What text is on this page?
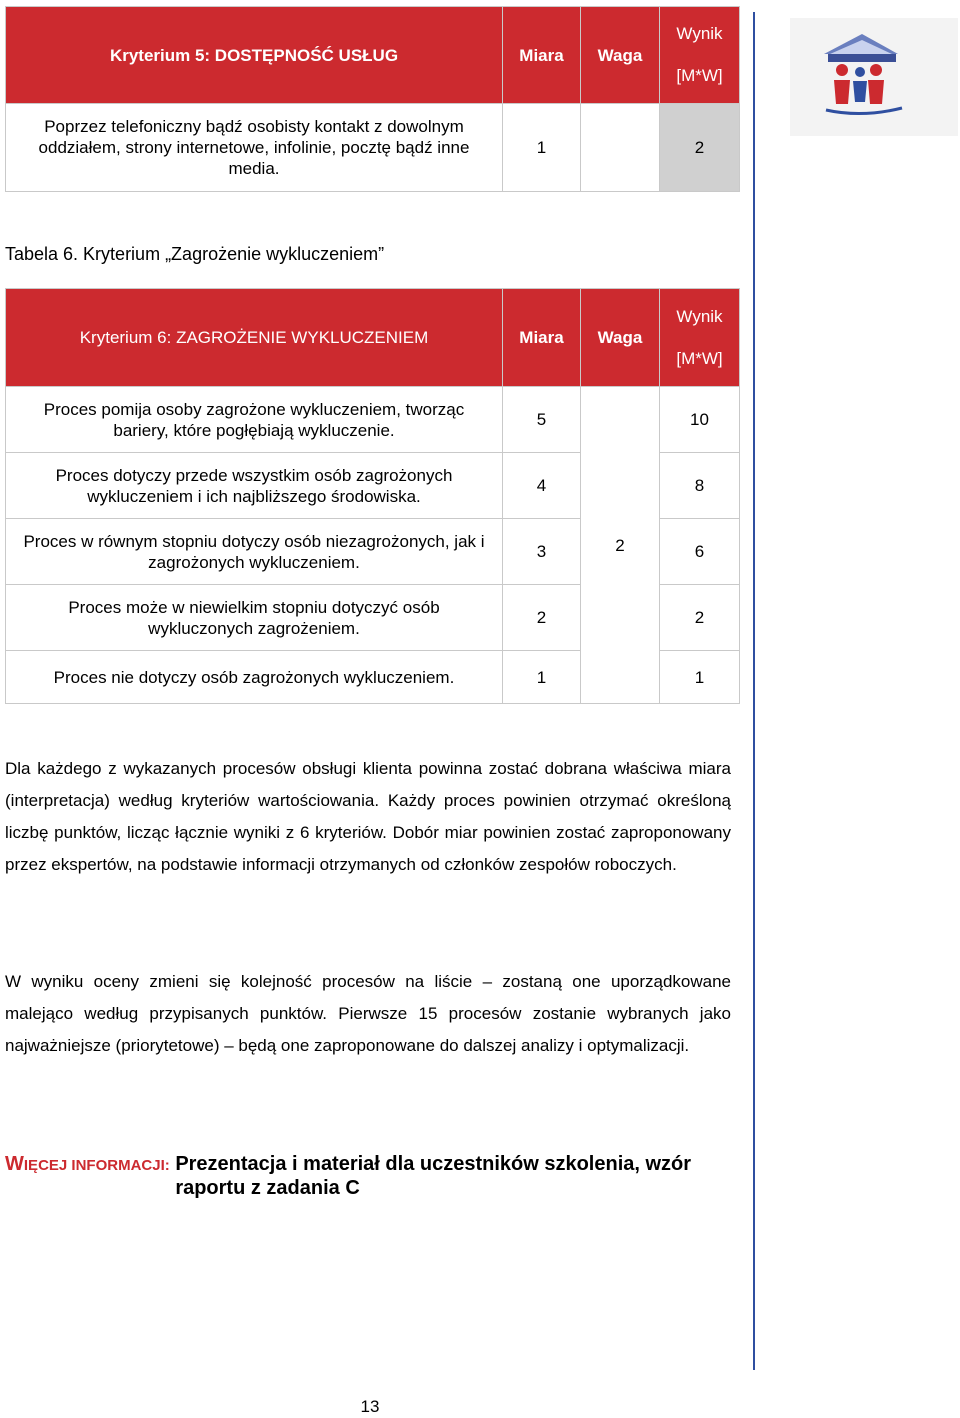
Kryterium 5: DOSTĘPNOŚĆ USŁUG	Miara	Waga	Wynik
[M*W]
Poprzez telefoniczny bądź osobisty kontakt z dowolnym oddziałem, strony internetowe, infolinie, pocztę bądź inne media.	1		2
Tabela 6. Kryterium „Zagrożenie wykluczeniem”
Kryterium 6: ZAGROŻENIE WYKLUCZENIEM	Miara	Waga	Wynik
[M*W]
Proces pomija osoby zagrożone wykluczeniem, tworząc bariery, które pogłębiają wykluczenie.	5	2	10
Proces dotyczy przede wszystkim osób zagrożonych wykluczeniem i ich najbliższego środowiska.	4		8
Proces w równym stopniu dotyczy osób niezagrożonych, jak i zagrożonych wykluczeniem.	3		6
Proces może w niewielkim stopniu dotyczyć osób wykluczonych zagrożeniem.	2		2
Proces nie dotyczy osób zagrożonych wykluczeniem.	1		1

Dla każdego z wykazanych procesów obsługi klienta powinna zostać dobrana właściwa miara (interpretacja) według kryteriów wartościowania. Każdy proces powinien otrzymać określoną liczbę punktów, licząc łącznie wyniki z 6 kryteriów. Dobór miar powinien zostać zaproponowany przez ekspertów, na podstawie informacji otrzymanych od członków zespołów roboczych.

W wyniku oceny zmieni się kolejność procesów na liście – zostaną one uporządkowane malejąco według przypisanych punktów. Pierwsze 15 procesów zostanie wybranych jako najważniejsze (priorytetowe) – będą one zaproponowane do dalszej analizy i optymalizacji.

WIĘCEJ INFORMACJI: Prezentacja i materiał dla uczestników szkolenia, wzór raportu z zadania C
13
